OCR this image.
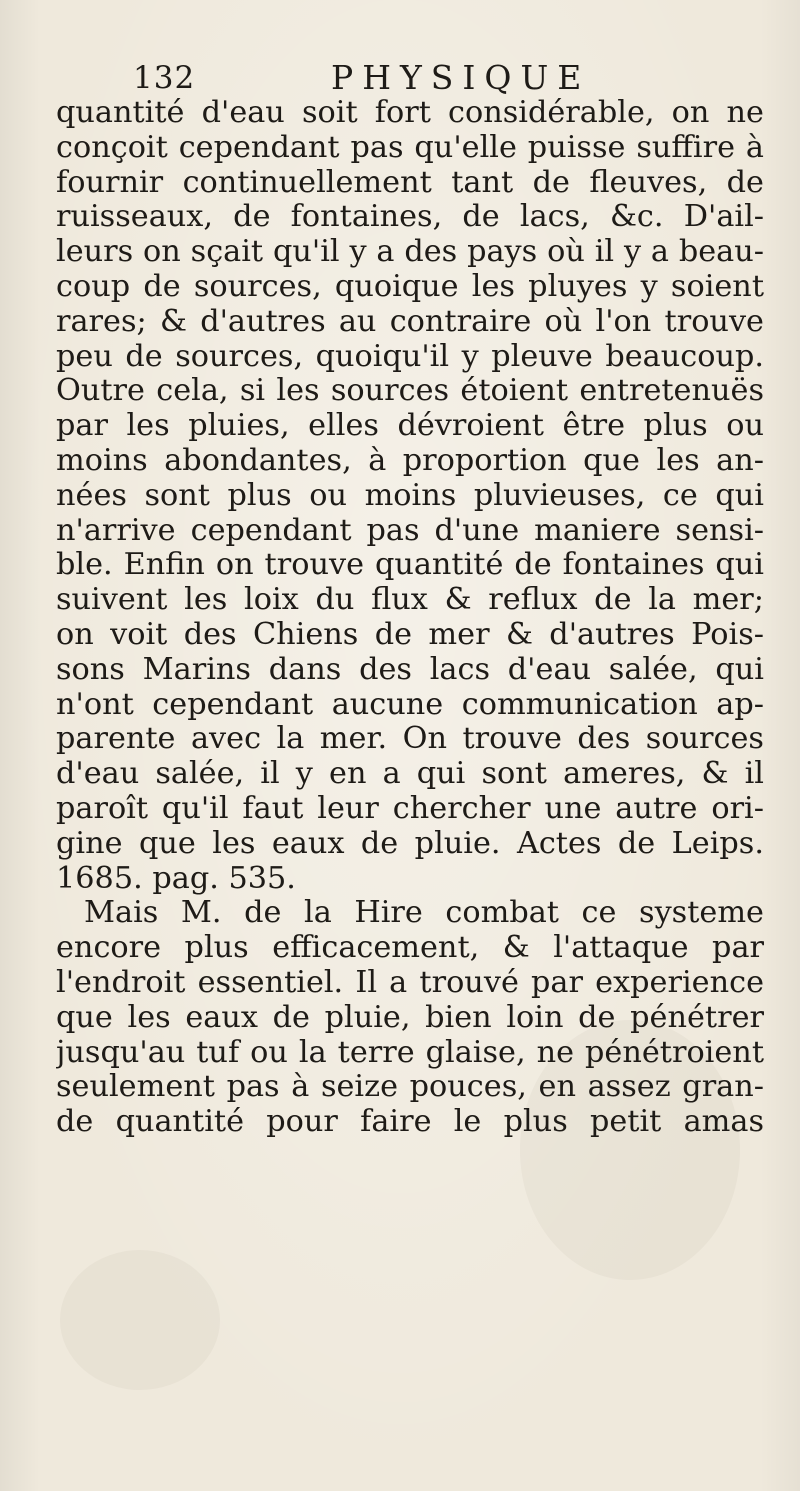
132	PHYSIQUE
quantité d'eau soit fort considérable, on ne
conçoit cependant pas qu'elle puisse suffire à
fournir continuellement tant de fleuves, de
ruisseaux, de fontaines, de lacs, &c. D'ail-
leurs on sçait qu'il y a des pays où il y a beau-
coup de sources, quoique les pluyes y soient
rares; & d'autres au contraire où l'on trouve
peu de sources, quoiqu'il y pleuve beaucoup.
Outre cela, si les sources étoient entretenuës
par les pluies, elles dévroient être plus ou
moins abondantes, à proportion que les an-
nées sont plus ou moins pluvieuses, ce qui
n'arrive cependant pas d'une maniere sensi-
ble. Enfin on trouve quantité de fontaines qui
suivent les loix du flux & reflux de la mer;
on voit des Chiens de mer & d'autres Pois-
sons Marins dans des lacs d'eau salée, qui
n'ont cependant aucune communication ap-
parente avec la mer. On trouve des sources
d'eau salée, il y en a qui sont ameres, & il
paroît qu'il faut leur chercher une autre ori-
gine que les eaux de pluie. Actes de Leips.
1685. pag. 535.
Mais M. de la Hire combat ce systeme
encore plus efficacement, & l'attaque par
l'endroit essentiel. Il a trouvé par experience
que les eaux de pluie, bien loin de pénétrer
jusqu'au tuf ou la terre glaise, ne pénétroient
seulement pas à seize pouces, en assez gran-
de quantité pour faire le plus petit amas
